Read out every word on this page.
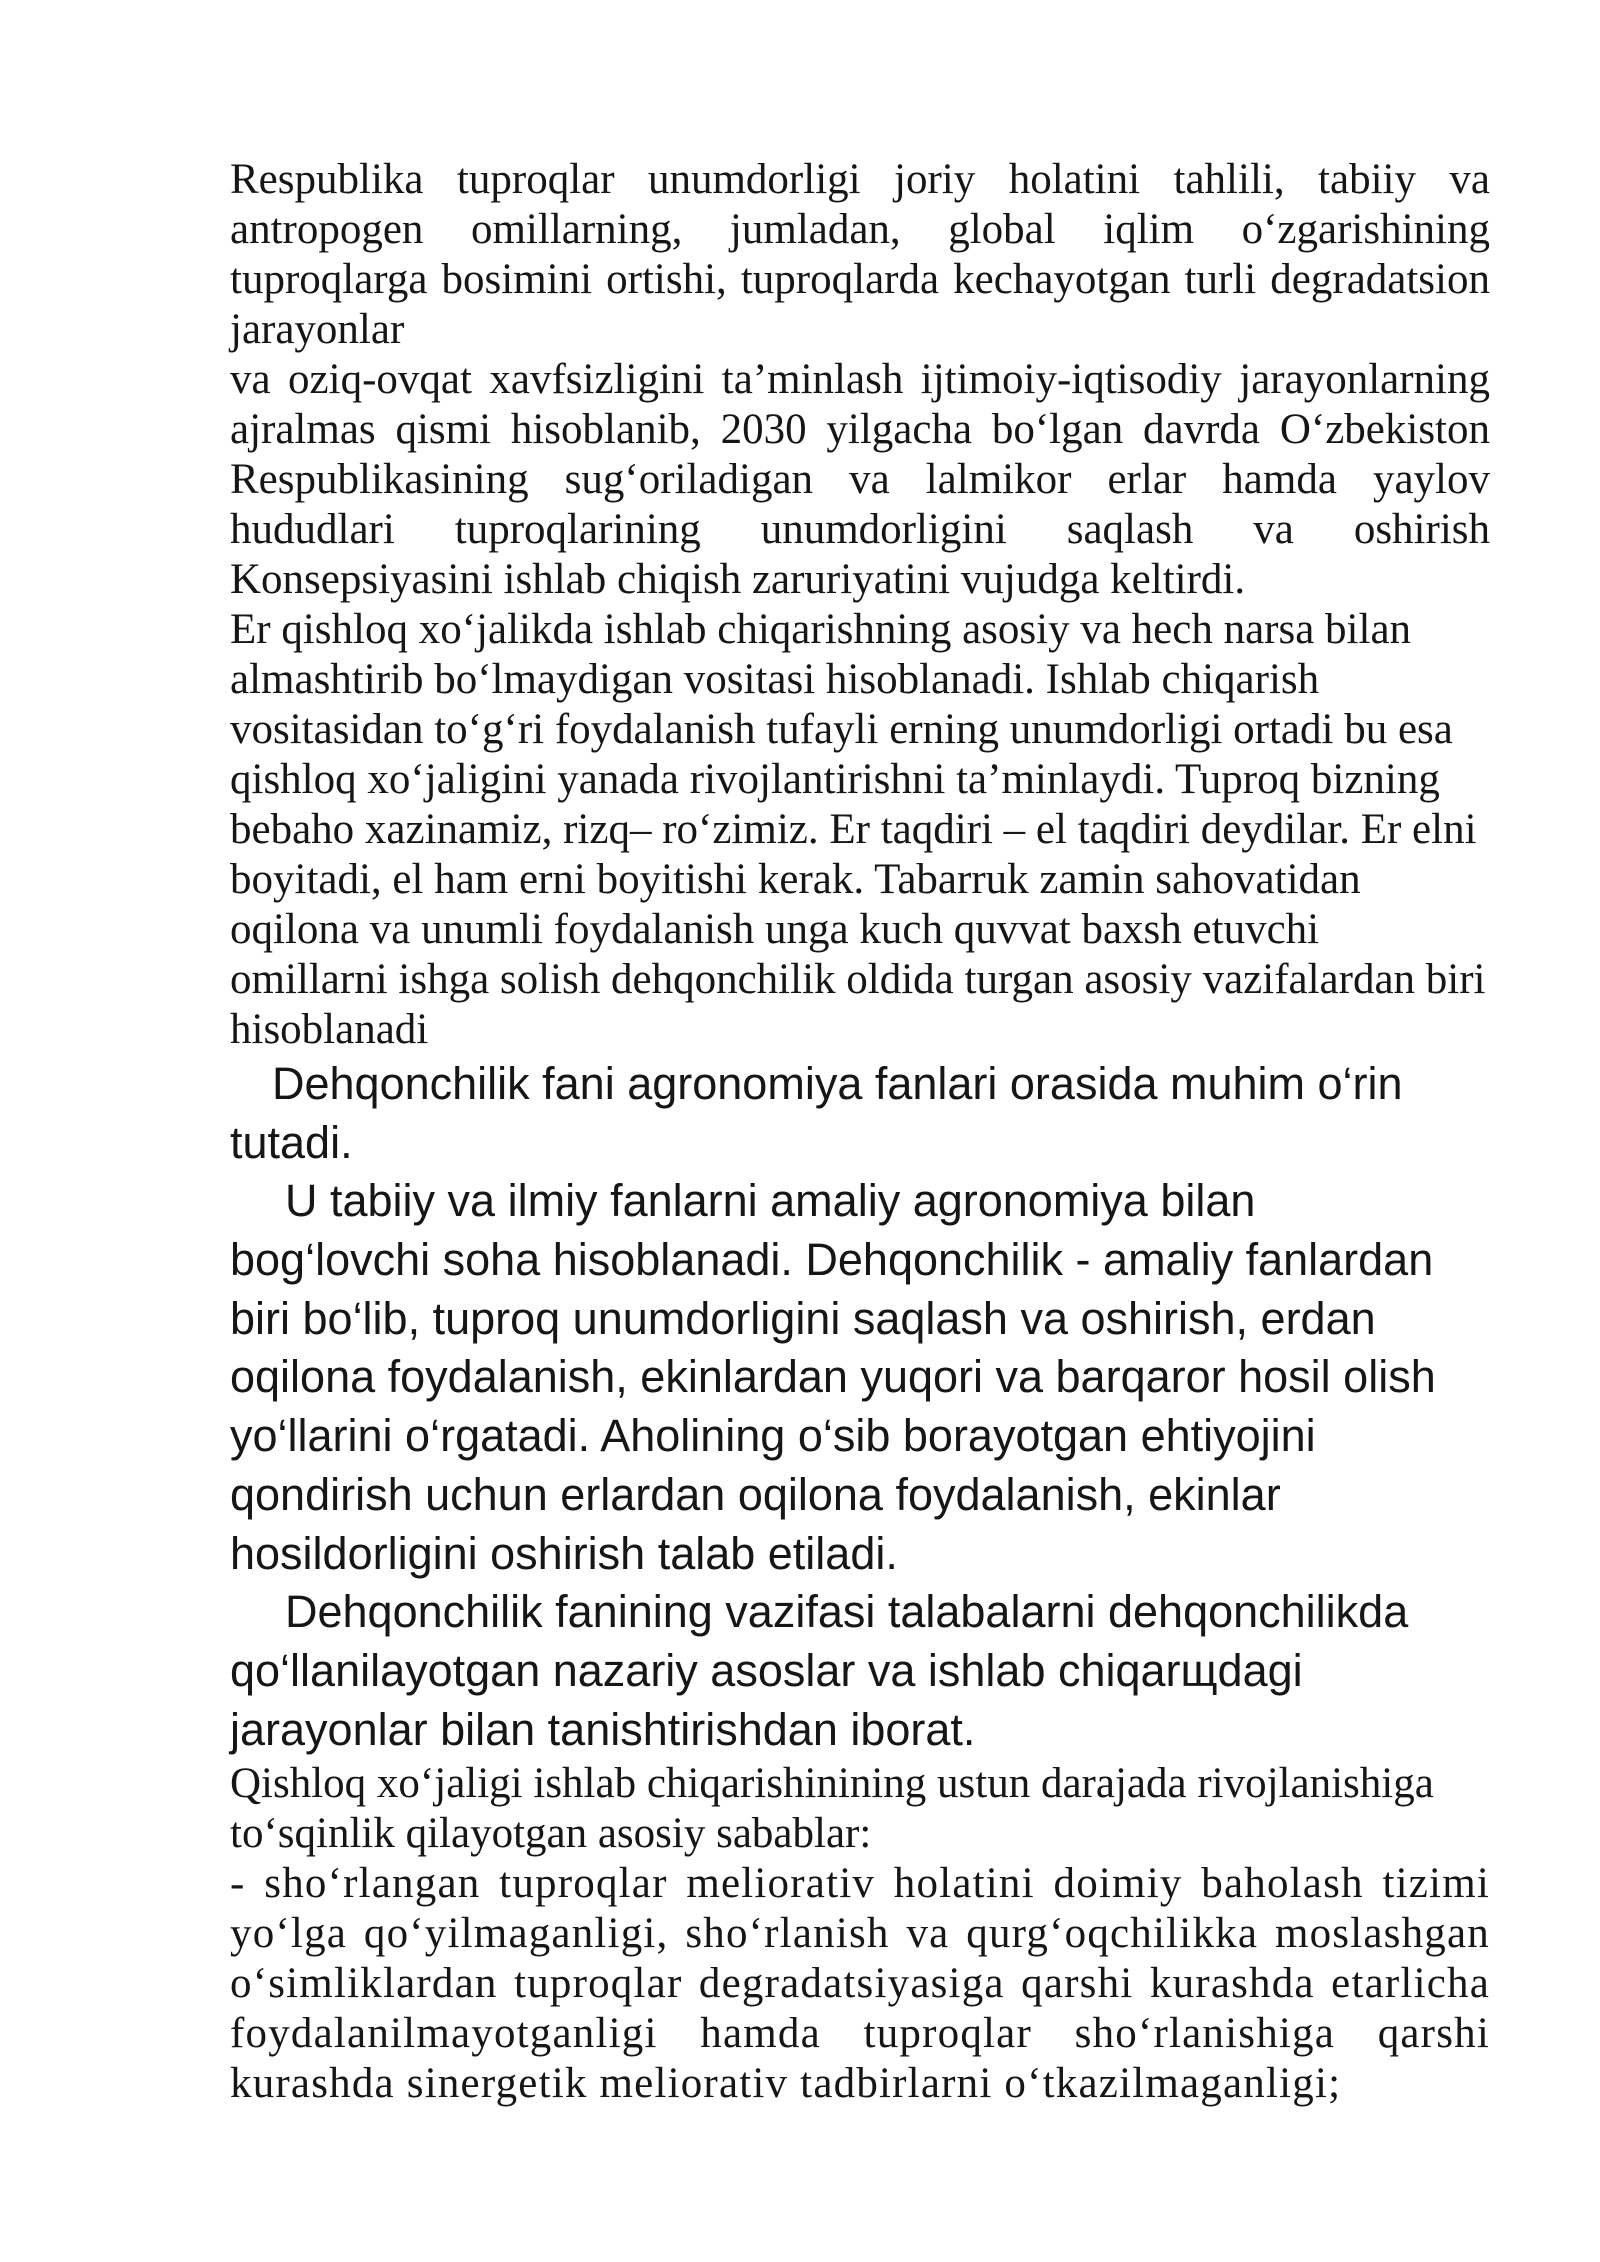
Respublika tuproqlar unumdorligi joriy holatini tahlili, tabiiy va
antropogen omillarning, jumladan, global iqlim o‘zgarishining
tuproqlarga bosimini ortishi, tuproqlarda kechayotgan turli degradatsion
jarayonlar
va oziq-ovqat xavfsizligini ta’minlash ijtimoiy-iqtisodiy jarayonlarning
ajralmas qismi hisoblanib, 2030 yilgacha bo‘lgan davrda O‘zbekiston
Respublikasining sug‘oriladigan va lalmikor erlar hamda yaylov
hududlari tuproqlarining unumdorligini saqlash va oshirish
Konsepsiyasini ishlab chiqish zaruriyatini vujudga keltirdi.
Er qishloq xo‘jalikda ishlab chiqarishning asosiy va hech narsa bilan
almashtirib bo‘lmaydigan vositasi hisoblanadi. Ishlab chiqarish
vositasidan to‘g‘ri foydalanish tufayli erning unumdorligi ortadi bu esa
qishloq xo‘jaligini yanada rivojlantirishni ta’minlaydi. Tuproq bizning
bebaho xazinamiz, rizq– ro‘zimiz. Er taqdiri – el taqdiri deydilar. Er elni
boyitadi, el ham erni boyitishi kerak. Tabarruk zamin sahovatidan
oqilona va unumli foydalanish unga kuch quvvat baxsh etuvchi
omillarni ishga solish dehqonchilik oldida turgan asosiy vazifalardan biri
hisoblanadi
Dehqonchilik fani agronomiya fanlari orasida muhim o‘rin
tutadi.
U tabiiy va ilmiy fanlarni amaliy agronomiya bilan
bog‘lovchi soha hisoblanadi. Dehqonchilik - amaliy fanlardan
biri bo‘lib, tuproq unumdorligini saqlash va oshirish, erdan
oqilona foydalanish, ekinlardan yuqori va barqaror hosil olish
yo‘llarini o‘rgatadi. Aholining o‘sib borayotgan ehtiyojini
qondirish uchun erlardan oqilona foydalanish, ekinlar
hosildorligini oshirish talab etiladi.
Dehqonchilik fanining vazifasi talabalarni dehqonchilikda
qo‘llanilayotgan nazariy asoslar va ishlab chiqarщdagi
jarayonlar bilan tanishtirishdan iborat.
Qishloq xo‘jaligi ishlab chiqarishinining ustun darajada rivojlanishiga
to‘sqinlik qilayotgan asosiy sabablar:
- sho‘rlangan tuproqlar meliorativ holatini doimiy baholash tizimi
yo‘lga qo‘yilmaganligi, sho‘rlanish va qurg‘oqchilikka moslashgan
o‘simliklardan tuproqlar degradatsiyasiga qarshi kurashda etarlicha
foydalanilmayotganligi hamda tuproqlar sho‘rlanishiga qarshi
kurashda sinergetik meliorativ tadbirlarni o‘tkazilmaganligi;
